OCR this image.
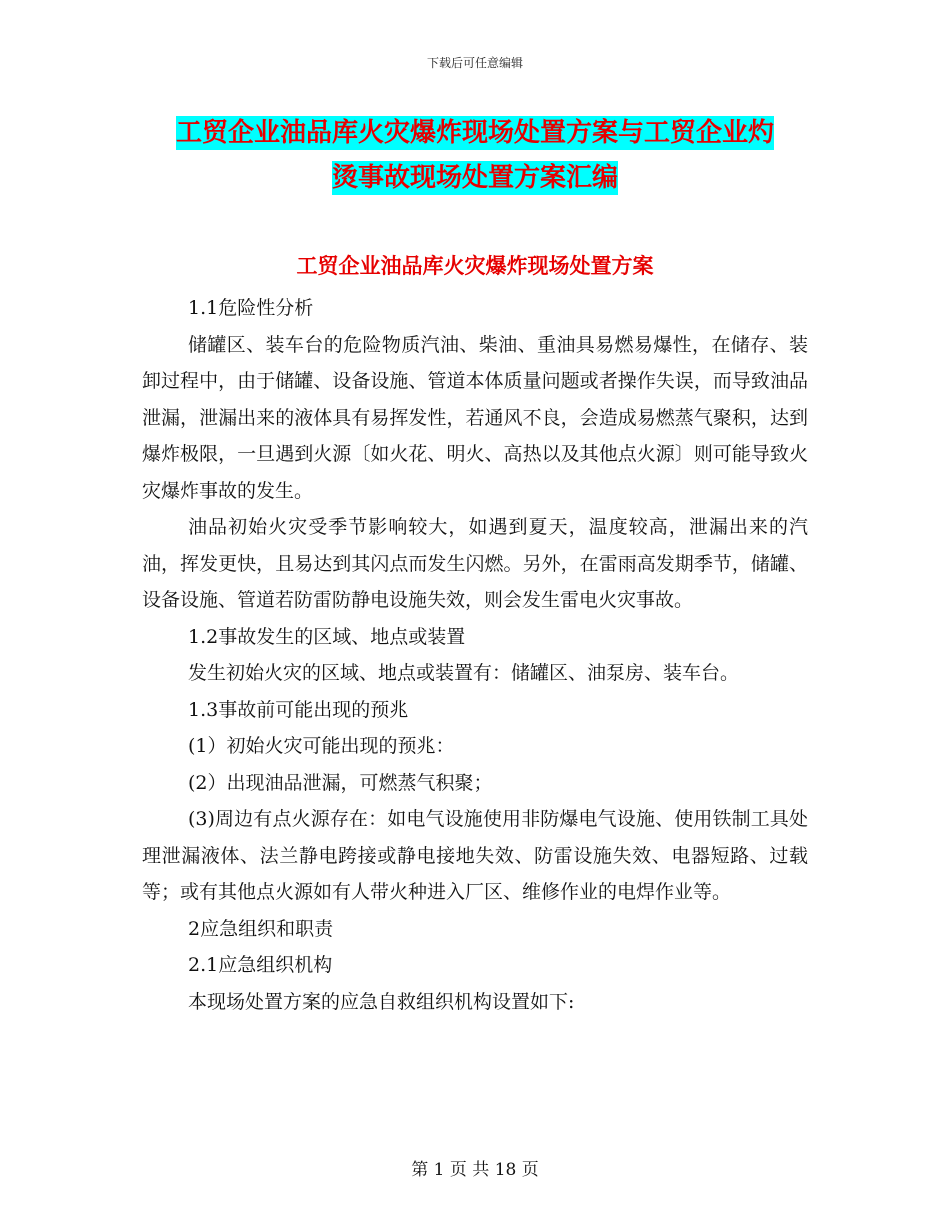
下载后可任意编辑
工贸企业油品库火灾爆炸现场处置方案与工贸企业灼
烫事故现场处置方案汇编
工贸企业油品库火灾爆炸现场处置方案

1.1危险性分析

储罐区、装车台的危险物质汽油、柴油、重油具易燃易爆性，在储存、装卸过程中，由于储罐、设备设施、管道本体质量问题或者操作失误，而导致油品泄漏，泄漏出来的液体具有易挥发性，若通风不良，会造成易燃蒸气聚积，达到爆炸极限，一旦遇到火源〔如火花、明火、高热以及其他点火源〕则可能导致火灾爆炸事故的发生。

油品初始火灾受季节影响较大，如遇到夏天，温度较高，泄漏出来的汽油，挥发更快，且易达到其闪点而发生闪燃。另外，在雷雨高发期季节，储罐、设备设施、管道若防雷防静电设施失效，则会发生雷电火灾事故。

1.2事故发生的区域、地点或装置

发生初始火灾的区域、地点或装置有：储罐区、油泵房、装车台。

1.3事故前可能出现的预兆

(1）初始火灾可能出现的预兆：

(2）出现油品泄漏，可燃蒸气积聚；

(3)周边有点火源存在：如电气设施使用非防爆电气设施、使用铁制工具处理泄漏液体、法兰静电跨接或静电接地失效、防雷设施失效、电器短路、过载等；或有其他点火源如有人带火种进入厂区、维修作业的电焊作业等。

2应急组织和职责

2.1应急组织机构

本现场处置方案的应急自救组织机构设置如下:

第 1 页 共 18 页
